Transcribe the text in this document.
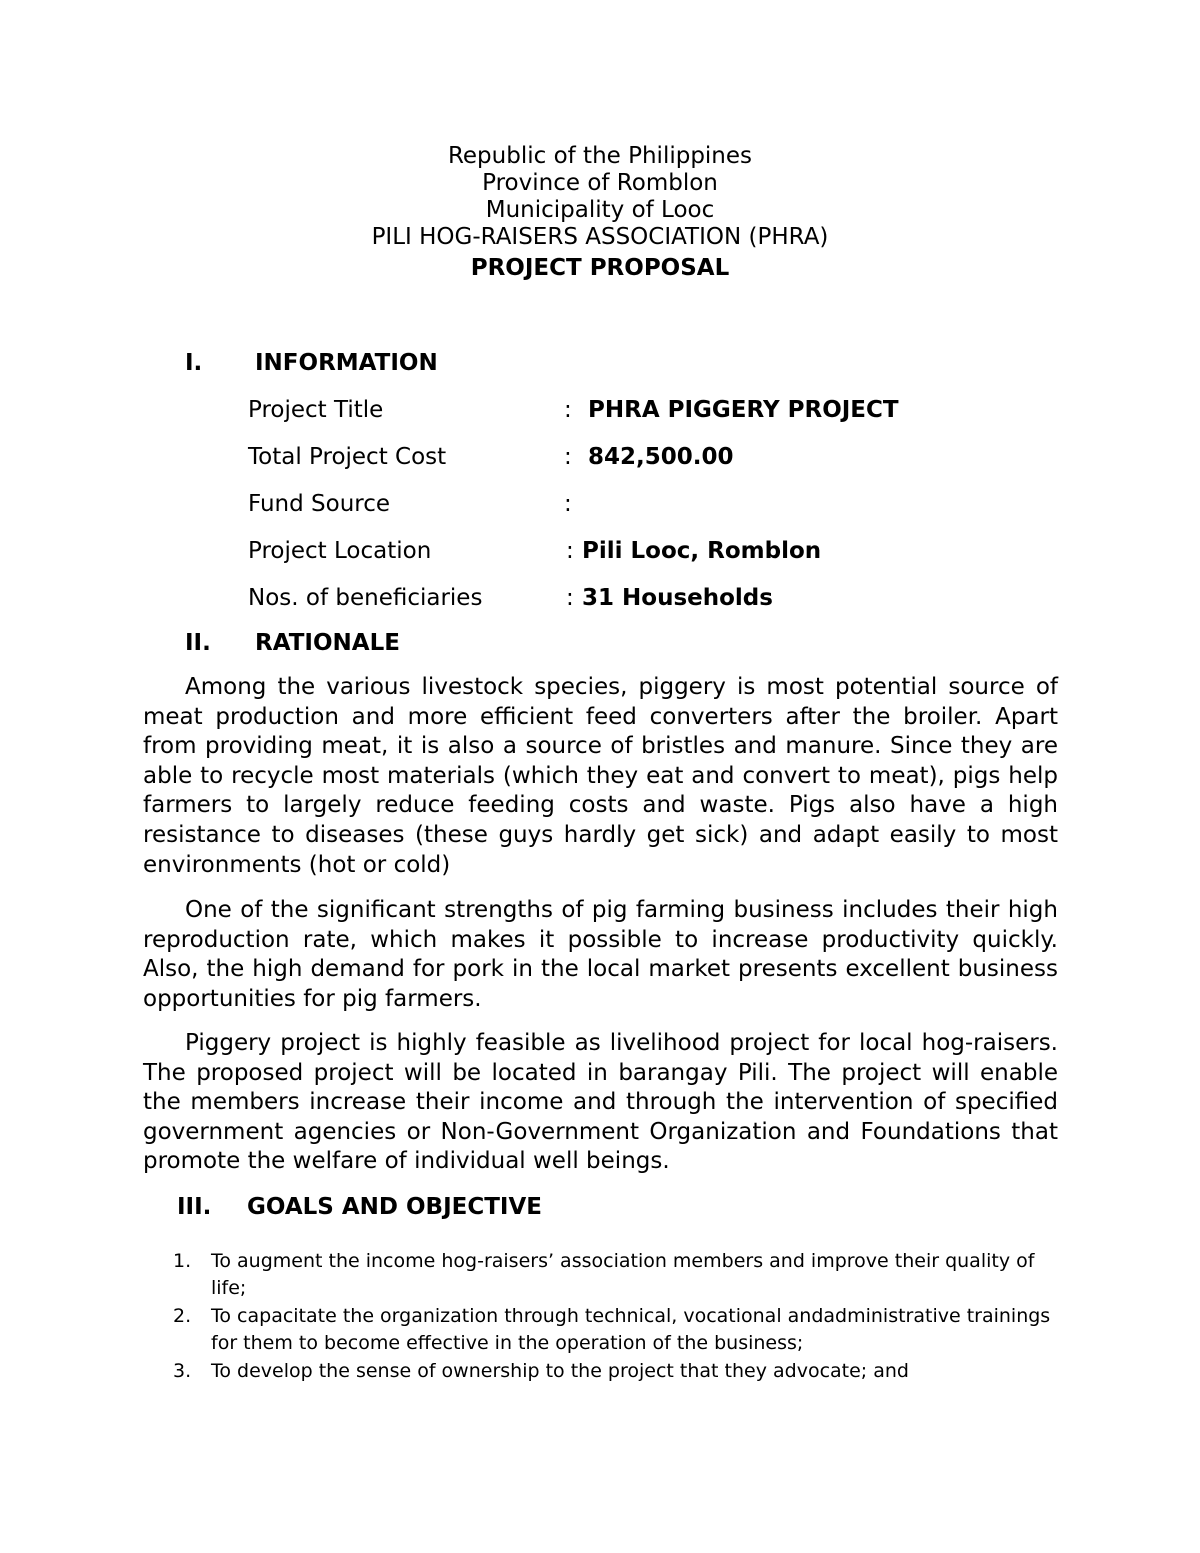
Republic of the Philippines
Province of Romblon
Municipality of Looc
PILI HOG-RAISERS ASSOCIATION (PHRA)
PROJECT PROPOSAL
I. INFORMATION
Project Title	: PHRA PIGGERY PROJECT
Total Project Cost	: 842,500.00
Fund Source	:
Project Location	: Pili Looc, Romblon
Nos. of beneficiaries	: 31 Households
II. RATIONALE

Among the various livestock species, piggery is most potential source of meat production and more efficient feed converters after the broiler. Apart from providing meat, it is also a source of bristles and manure. Since they are able to recycle most materials (which they eat and convert to meat), pigs help farmers to largely reduce feeding costs and waste. Pigs also have a high resistance to diseases (these guys hardly get sick) and adapt easily to most environments (hot or cold)

One of the significant strengths of pig farming business includes their high reproduction rate, which makes it possible to increase productivity quickly. Also, the high demand for pork in the local market presents excellent business opportunities for pig farmers.

Piggery project is highly feasible as livelihood project for local hog-raisers. The proposed project will be located in barangay Pili. The project will enable the members increase their income and through the intervention of specified government agencies or Non-Government Organization and Foundations that promote the welfare of individual well beings.

III. GOALS AND OBJECTIVE
1. To augment the income hog-raisers’ association members and improve their quality of life;
2. To capacitate the organization through technical, vocational andadministrative trainings for them to become effective in the operation of the business;
3. To develop the sense of ownership to the project that they advocate; and
